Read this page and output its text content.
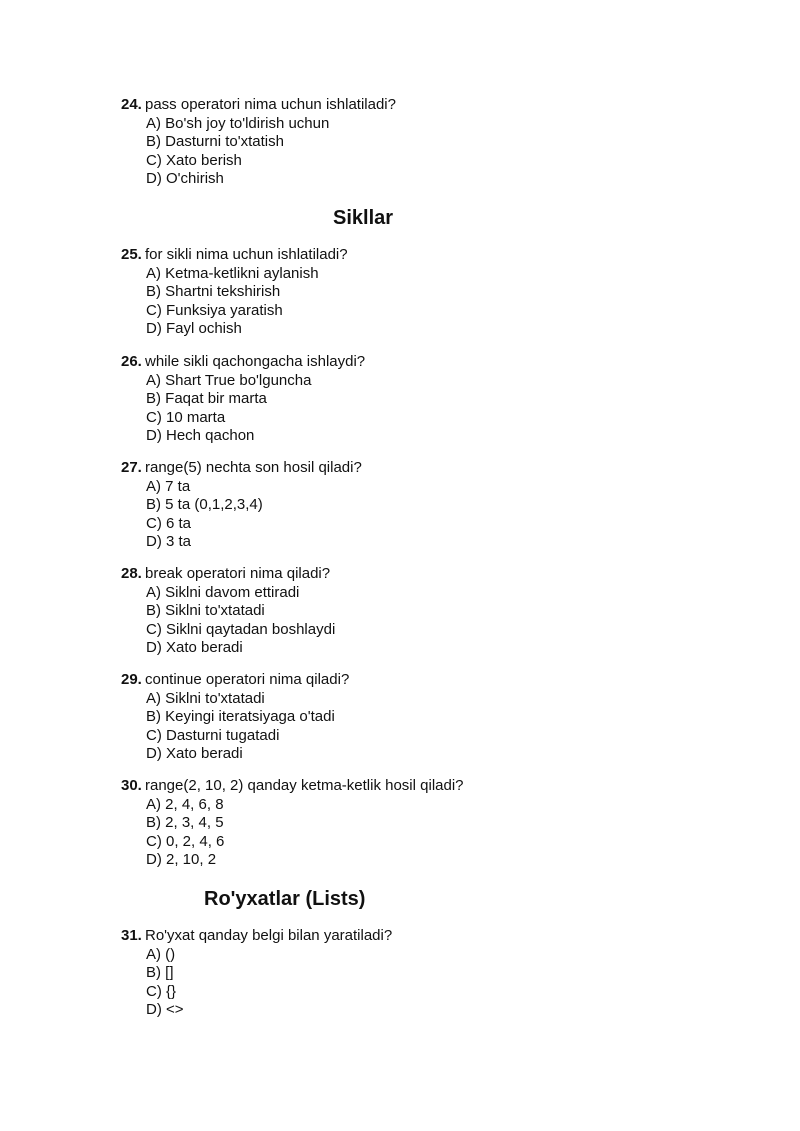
24. pass operatori nima uchun ishlatiladi?
A) Bo'sh joy to'ldirish uchun
B) Dasturni to'xtatish
C) Xato berish
D) O'chirish
Sikllar
25. for sikli nima uchun ishlatiladi?
A) Ketma-ketlikni aylanish
B) Shartni tekshirish
C) Funksiya yaratish
D) Fayl ochish
26. while sikli qachongacha ishlaydi?
A) Shart True bo'lguncha
B) Faqat bir marta
C) 10 marta
D) Hech qachon
27. range(5) nechta son hosil qiladi?
A) 7 ta
B) 5 ta (0,1,2,3,4)
C) 6 ta
D) 3 ta
28. break operatori nima qiladi?
A) Siklni davom ettiradi
B) Siklni to'xtatadi
C) Siklni qaytadan boshlaydi
D) Xato beradi
29. continue operatori nima qiladi?
A) Siklni to'xtatadi
B) Keyingi iteratsiyaga o'tadi
C) Dasturni tugatadi
D) Xato beradi
30. range(2, 10, 2) qanday ketma-ketlik hosil qiladi?
A) 2, 4, 6, 8
B) 2, 3, 4, 5
C) 0, 2, 4, 6
D) 2, 10, 2
Ro'yxatlar (Lists)
31. Ro'yxat qanday belgi bilan yaratiladi?
A) ()
B) []
C) {}
D) <>
